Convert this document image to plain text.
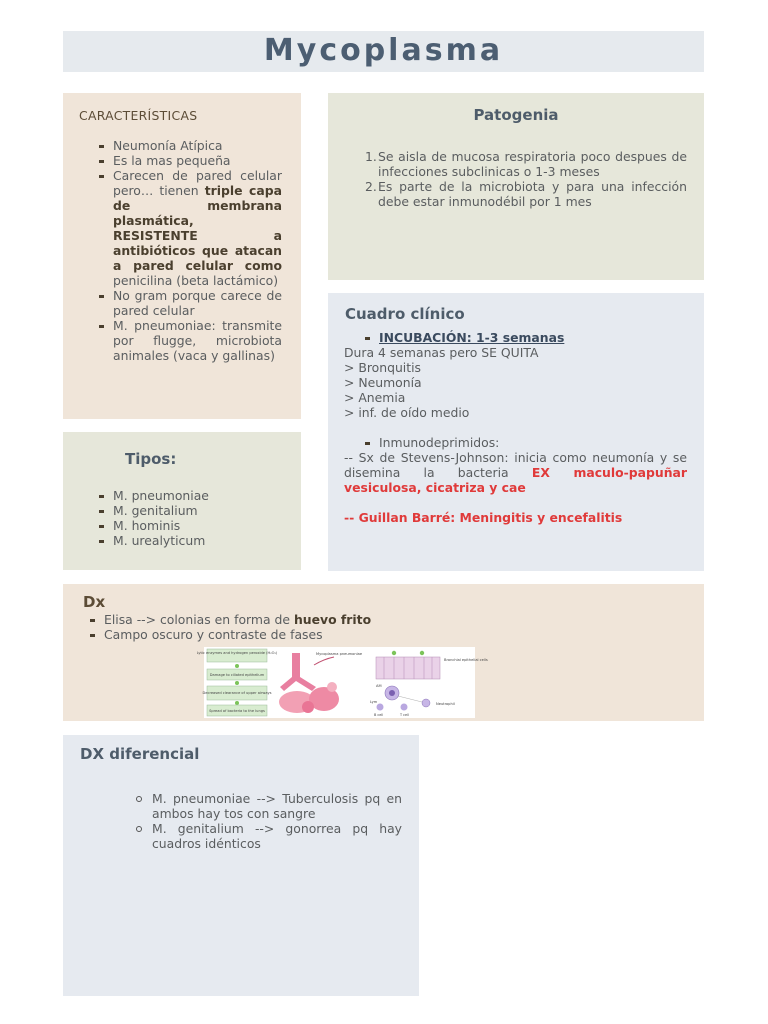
Mycoplasma
CARACTERÍSTICAS
Neumonía Atípica
Es la mas pequeña
Carecen de pared celular pero… tienen triple capa de membrana plasmática, RESISTENTE a antibióticos que atacan a pared celular como penicilina (beta lactámico)
No gram porque carece de pared celular
M. pneumoniae: transmite por flugge, microbiota animales (vaca y gallinas)
Tipos:
M. pneumoniae
M. genitalium
M. hominis
M. urealyticum
Patogenia
1. Se aisla de mucosa respiratoria poco despues de infecciones subclinicas o 1-3 meses
2. Es parte de la microbiota y para una infección debe estar inmunodébil por 1 mes
Cuadro clínico
INCUBACIÓN: 1-3 semanas
Dura 4 semanas pero SE QUITA
> Bronquitis
> Neumonía
> Anemia
> inf. de oído medio
Inmunodeprimidos:
-- Sx de Stevens-Johnson: inicia como neumonía y se disemina la bacteria EX maculo-papuñar vesiculosa, cicatriza y cae
-- Guillan Barré: Meningitis y encefalitis
Dx
Elisa --> colonias en forma de huevo frito
Campo oscuro y contraste de fases
Lytic enzymes and hydrogen peroxide (H₂O₂)
Damage to ciliated epithelium
Decreased clearance of upper airways
Spread of bacteria to the lungs
Mycoplasma pneumoniae
Bronchial epithelial cells
AM
Lym
B cell	T cell
Neutrophil
DX diferencial
M. pneumoniae --> Tuberculosis pq en ambos hay tos con sangre
M. genitalium --> gonorrea pq hay cuadros idénticos
